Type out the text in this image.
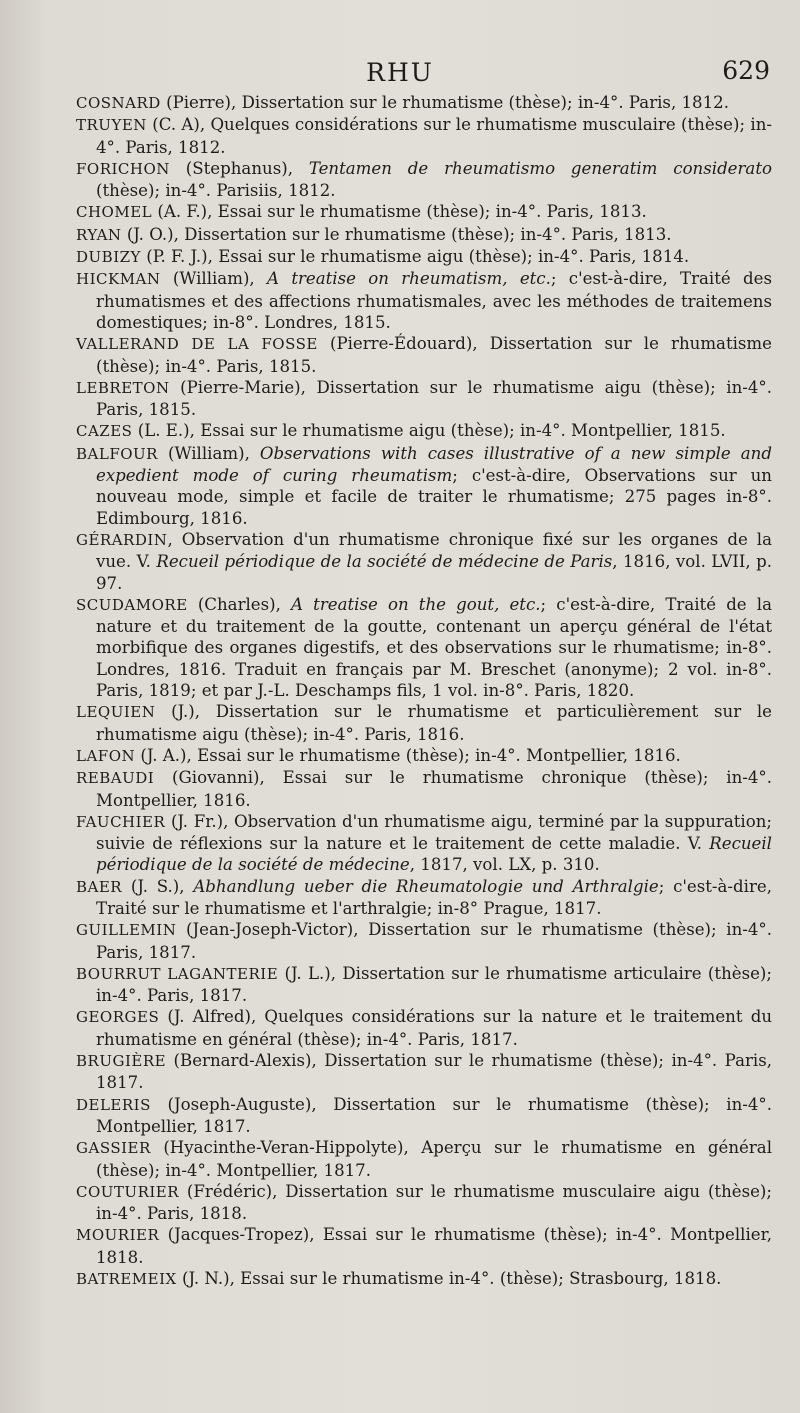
RHU	629

COSNARD (Pierre), Dissertation sur le rhumatisme (thèse); in-4°. Paris, 1812.

TRUYEN (C. A), Quelques considérations sur le rhumatisme musculaire (thèse); in-4°. Paris, 1812.

FORICHON (Stephanus), Tentamen de rheumatismo generatim considerato (thèse); in-4°. Parisiis, 1812.

CHOMEL (A. F.), Essai sur le rhumatisme (thèse); in-4°. Paris, 1813.

RYAN (J. O.), Dissertation sur le rhumatisme (thèse); in-4°. Paris, 1813.

DUBIZY (P. F. J.), Essai sur le rhumatisme aigu (thèse); in-4°. Paris, 1814.

HICKMAN (William), A treatise on rheumatism, etc.; c'est-à-dire, Traité des rhumatismes et des affections rhumatismales, avec les méthodes de traitemens domestiques; in-8°. Londres, 1815.

VALLERAND DE LA FOSSE (Pierre-Édouard), Dissertation sur le rhumatisme (thèse); in-4°. Paris, 1815.

LEBRETON (Pierre-Marie), Dissertation sur le rhumatisme aigu (thèse); in-4°. Paris, 1815.

CAZES (L. E.), Essai sur le rhumatisme aigu (thèse); in-4°. Montpellier, 1815.

BALFOUR (William), Observations with cases illustrative of a new simple and expedient mode of curing rheumatism; c'est-à-dire, Observations sur un nouveau mode, simple et facile de traiter le rhumatisme; 275 pages in-8°. Edimbourg, 1816.

GÉRARDIN, Observation d'un rhumatisme chronique fixé sur les organes de la vue. V. Recueil périodique de la société de médecine de Paris, 1816, vol. LVII, p. 97.

SCUDAMORE (Charles), A treatise on the gout, etc.; c'est-à-dire, Traité de la nature et du traitement de la goutte, contenant un aperçu général de l'état morbifique des organes digestifs, et des observations sur le rhumatisme; in-8°. Londres, 1816. Traduit en français par M. Breschet (anonyme); 2 vol. in-8°. Paris, 1819; et par J.-L. Deschamps fils, 1 vol. in-8°. Paris, 1820.

LEQUIEN (J.), Dissertation sur le rhumatisme et particulièrement sur le rhumatisme aigu (thèse); in-4°. Paris, 1816.

LAFON (J. A.), Essai sur le rhumatisme (thèse); in-4°. Montpellier, 1816.

REBAUDI (Giovanni), Essai sur le rhumatisme chronique (thèse); in-4°. Montpellier, 1816.

FAUCHIER (J. Fr.), Observation d'un rhumatisme aigu, terminé par la suppuration; suivie de réflexions sur la nature et le traitement de cette maladie. V. Recueil périodique de la société de médecine, 1817, vol. LX, p. 310.

BAER (J. S.), Abhandlung ueber die Rheumatologie und Arthralgie; c'est-à-dire, Traité sur le rhumatisme et l'arthralgie; in-8° Prague, 1817.

GUILLEMIN (Jean-Joseph-Victor), Dissertation sur le rhumatisme (thèse); in-4°. Paris, 1817.

BOURRUT LAGANTERIE (J. L.), Dissertation sur le rhumatisme articulaire (thèse); in-4°. Paris, 1817.

GEORGES (J. Alfred), Quelques considérations sur la nature et le traitement du rhumatisme en général (thèse); in-4°. Paris, 1817.

BRUGIÈRE (Bernard-Alexis), Dissertation sur le rhumatisme (thèse); in-4°. Paris, 1817.

DELERIS (Joseph-Auguste), Dissertation sur le rhumatisme (thèse); in-4°. Montpellier, 1817.

GASSIER (Hyacinthe-Veran-Hippolyte), Aperçu sur le rhumatisme en général (thèse); in-4°. Montpellier, 1817.

COUTURIER (Frédéric), Dissertation sur le rhumatisme musculaire aigu (thèse); in-4°. Paris, 1818.

MOURIER (Jacques-Tropez), Essai sur le rhumatisme (thèse); in-4°. Montpellier, 1818.

BATREMEIX (J. N.), Essai sur le rhumatisme in-4°. (thèse); Strasbourg, 1818.
